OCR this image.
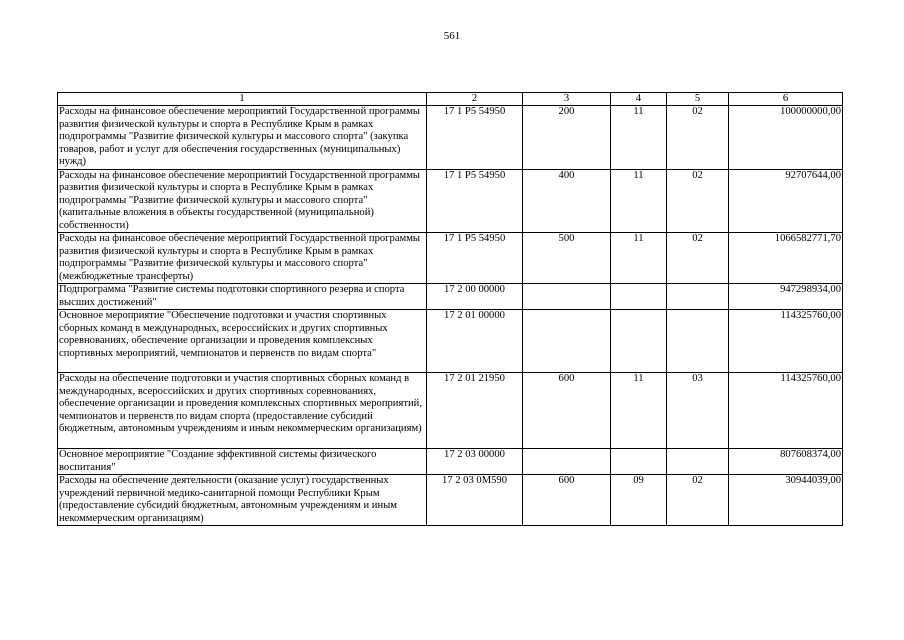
561
1	2	3	4	5	6
Расходы на финансовое обеспечение мероприятий Государственной программы развития физической культуры и спорта в Республике Крым в рамках подпрограммы "Развитие физической культуры и массового спорта" (закупка товаров, работ и услуг для обеспечения государственных (муниципальных) нужд)	17 1 Р5 54950	200	11	02	100000000,00
Расходы на финансовое обеспечение мероприятий Государственной программы развития физической культуры и спорта в Республике Крым в рамках подпрограммы "Развитие физической культуры и массового спорта" (капитальные вложения в объекты государственной (муниципальной) собственности)	17 1 Р5 54950	400	11	02	92707644,00
Расходы на финансовое обеспечение мероприятий Государственной программы развития физической культуры и спорта в Республике Крым в рамках подпрограммы "Развитие физической культуры и массового спорта" (межбюджетные трансферты)	17 1 Р5 54950	500	11	02	1066582771,70
Подпрограмма "Развитие системы подготовки спортивного резерва и спорта высших достижений"	17 2 00 00000				947298934,00
Основное мероприятие "Обеспечение подготовки и участия спортивных сборных команд в международных, всероссийских и других спортивных соревнованиях, обеспечение организации и проведения комплексных спортивных мероприятий, чемпионатов и первенств по видам спорта"	17 2 01 00000				114325760,00
Расходы на обеспечение подготовки и участия спортивных сборных команд в международных, всероссийских и других спортивных соревнованиях, обеспечение организации и проведения комплексных спортивных мероприятий, чемпионатов и первенств по видам спорта (предоставление субсидий бюджетным, автономным учреждениям и иным некоммерческим организациям)	17 2 01 21950	600	11	03	114325760,00
Основное мероприятие "Создание эффективной системы физического воспитания"	17 2 03 00000				807608374,00
Расходы на обеспечение деятельности (оказание услуг) государственных учреждений первичной медико-санитарной помощи Республики Крым (предоставление субсидий бюджетным, автономным учреждениям и иным некоммерческим организациям)	17 2 03 0М590	600	09	02	30944039,00
